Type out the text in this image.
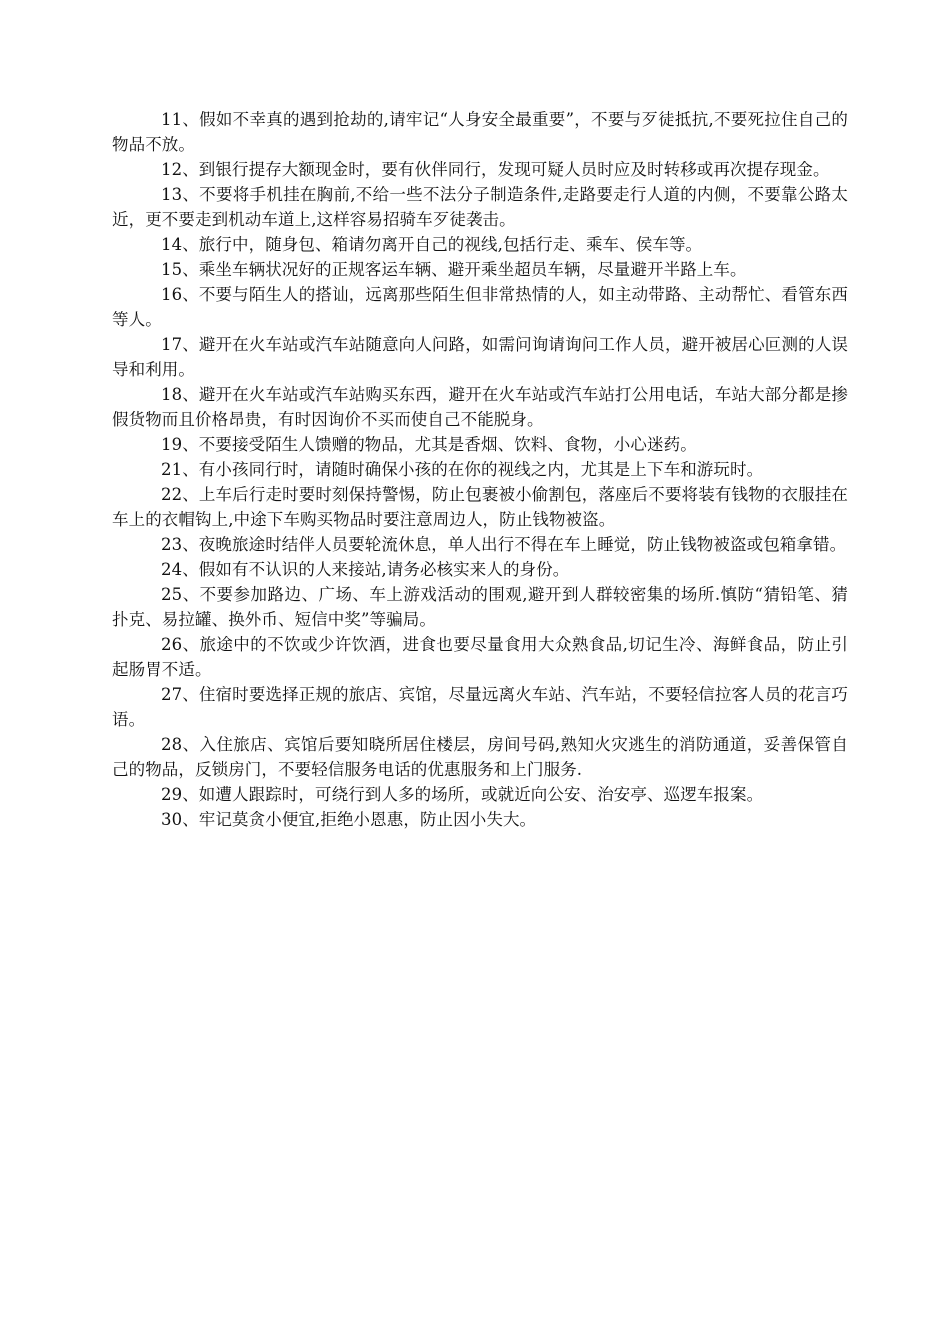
11、假如不幸真的遇到抢劫的,请牢记“人身安全最重要”，不要与歹徒抵抗,不要死拉住自己的物品不放。

12、到银行提存大额现金时，要有伙伴同行，发现可疑人员时应及时转移或再次提存现金。

13、不要将手机挂在胸前,不给一些不法分子制造条件,走路要走行人道的内侧，不要靠公路太近，更不要走到机动车道上,这样容易招骑车歹徒袭击。

14、旅行中，随身包、箱请勿离开自己的视线,包括行走、乘车、侯车等。

15、乘坐车辆状况好的正规客运车辆、避开乘坐超员车辆，尽量避开半路上车。

16、不要与陌生人的搭讪，远离那些陌生但非常热情的人，如主动带路、主动帮忙、看管东西等人。

17、避开在火车站或汽车站随意向人问路，如需问询请询问工作人员，避开被居心叵测的人误导和利用。

18、避开在火车站或汽车站购买东西，避开在火车站或汽车站打公用电话，车站大部分都是掺假货物而且价格昂贵，有时因询价不买而使自己不能脱身。

19、不要接受陌生人馈赠的物品，尤其是香烟、饮料、食物，小心迷药。

21、有小孩同行时，请随时确保小孩的在你的视线之内，尤其是上下车和游玩时。

22、上车后行走时要时刻保持警惕，防止包裹被小偷割包，落座后不要将装有钱物的衣服挂在车上的衣帽钩上,中途下车购买物品时要注意周边人，防止钱物被盗。

23、夜晚旅途时结伴人员要轮流休息，单人出行不得在车上睡觉，防止钱物被盗或包箱拿错。

24、假如有不认识的人来接站,请务必核实来人的身份。

25、不要参加路边、广场、车上游戏活动的围观,避开到人群较密集的场所.慎防“猜铅笔、猜扑克、易拉罐、换外币、短信中奖”等骗局。

26、旅途中的不饮或少许饮酒，进食也要尽量食用大众熟食品,切记生冷、海鲜食品，防止引起肠胃不适。

27、住宿时要选择正规的旅店、宾馆，尽量远离火车站、汽车站，不要轻信拉客人员的花言巧语。

28、入住旅店、宾馆后要知晓所居住楼层，房间号码,熟知火灾逃生的消防通道，妥善保管自己的物品，反锁房门，不要轻信服务电话的优惠服务和上门服务.

29、如遭人跟踪时，可绕行到人多的场所，或就近向公安、治安亭、巡逻车报案。

30、牢记莫贪小便宜,拒绝小恩惠，防止因小失大。
